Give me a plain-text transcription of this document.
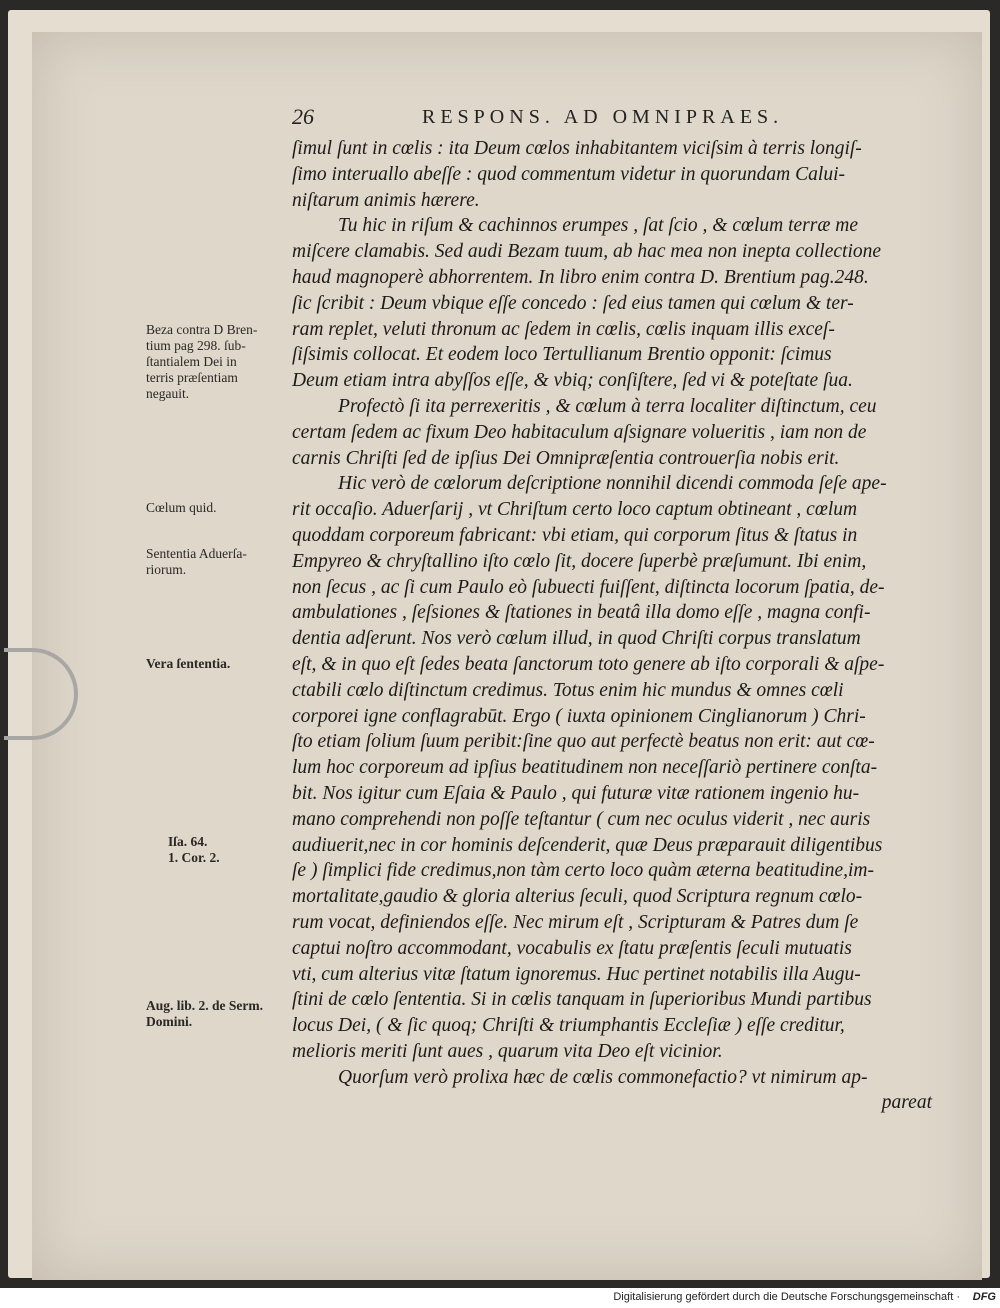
26	RESPONS. AD OMNIPRAES.
ſimul ſunt in cœlis : ita Deum cœlos inhabitantem viciſsim à terris longiſ-
ſimo interuallo abeſſe : quod commentum videtur in quorundam Calui-
niſtarum animis hærere.
Tu hic in riſum & cachinnos erumpes , ſat ſcio , & cœlum terræ me
miſcere clamabis. Sed audi Bezam tuum, ab hac mea non inepta collectione
haud magnoperè abhorrentem. In libro enim contra D. Brentium pag.248.
ſic ſcribit : Deum vbique eſſe concedo : ſed eius tamen qui cœlum & ter-
ram replet, veluti thronum ac ſedem in cœlis, cœlis inquam illis exceſ-
ſiſsimis collocat. Et eodem loco Tertullianum Brentio opponit: ſcimus
Deum etiam intra abyſſos eſſe, & vbiq; conſiſtere, ſed vi & poteſtate ſua.
Profectò ſi ita perrexeritis , & cœlum à terra localiter diſtinctum, ceu
certam ſedem ac fixum Deo habitaculum aſsignare volueritis , iam non de
carnis Chriſti ſed de ipſius Dei Omnipræſentia controuerſia nobis erit.
Hic verò de cœlorum deſcriptione nonnihil dicendi commoda ſeſe ape-
rit occaſio. Aduerſarij , vt Chriſtum certo loco captum obtineant , cœlum
quoddam corporeum fabricant: vbi etiam, qui corporum ſitus & ſtatus in
Empyreo & chryſtallino iſto cœlo ſit, docere ſuperbè præſumunt. Ibi enim,
non ſecus , ac ſi cum Paulo eò ſubuecti fuiſſent, diſtincta locorum ſpatia, de-
ambulationes , ſeſsiones & ſtationes in beatâ illa domo eſſe , magna confi-
dentia adſerunt. Nos verò cœlum illud, in quod Chriſti corpus translatum
eſt, & in quo eſt ſedes beata ſanctorum toto genere ab iſto corporali & aſpe-
ctabili cœlo diſtinctum credimus. Totus enim hic mundus & omnes cœli
corporei igne conflagrabūt. Ergo ( iuxta opinionem Cinglianorum ) Chri-
ſto etiam ſolium ſuum peribit:ſine quo aut perfectè beatus non erit: aut cœ-
lum hoc corporeum ad ipſius beatitudinem non neceſſariò pertinere conſta-
bit. Nos igitur cum Eſaia & Paulo , qui futuræ vitæ rationem ingenio hu-
mano comprehendi non poſſe teſtantur ( cum nec oculus viderit , nec auris
audiuerit,nec in cor hominis deſcenderit, quæ Deus præparauit diligentibus
ſe ) ſimplici fide credimus,non tàm certo loco quàm æterna beatitudine,im-
mortalitate,gaudio & gloria alterius ſeculi, quod Scriptura regnum cœlo-
rum vocat, definiendos eſſe. Nec mirum eſt , Scripturam & Patres dum ſe
captui noſtro accommodant, vocabulis ex ſtatu præſentis ſeculi mutuatis
vti, cum alterius vitæ ſtatum ignoremus. Huc pertinet notabilis illa Augu-
ſtini de cœlo ſententia. Si in cœlis tanquam in ſuperioribus Mundi partibus
locus Dei, ( & ſic quoq; Chriſti & triumphantis Eccleſiæ ) eſſe creditur,
melioris meriti ſunt aues , quarum vita Deo eſt vicinior.
Quorſum verò prolixa hæc de cœlis commonefactio? vt nimirum ap-
pareat
Beza contra D Bren-
tium pag 298. ſub-
ſtantialem Dei in
terris præſentiam
negauit.
Cœlum quid.
Sententia Aduerſa-
riorum.
Vera ſententia.
Iſa. 64.
1. Cor. 2.
Aug. lib. 2. de Serm.
Domini.
Digitalisierung gefördert durch die Deutsche Forschungsgemeinschaft · DFG
